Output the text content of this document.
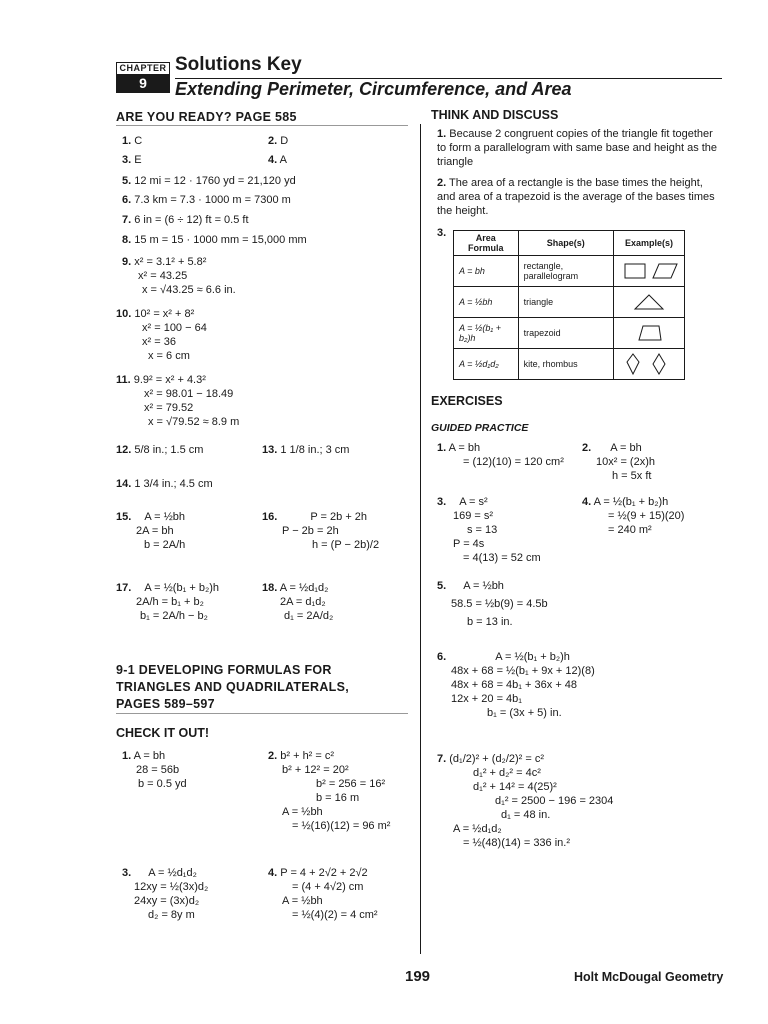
CHAPTER
9
Solutions Key
Extending Perimeter, Circumference, and Area
ARE YOU READY? PAGE 585
1. C	2. D
3. E	4. A
5. 12 mi = 12 · 1760 yd = 21,120 yd
6. 7.3 km = 7.3 · 1000 m = 7300 m
7. 6 in = (6 ÷ 12) ft = 0.5 ft
8. 15 m = 15 · 1000 mm = 15,000 mm
9. x² = 3.1² + 5.8²
x² = 43.25
x = √43.25 ≈ 6.6 in.
10. 10² = x² + 8²
x² = 100 − 64
x² = 36
x = 6 cm
11. 9.9² = x² + 4.3²
x² = 98.01 − 18.49
x² = 79.52
x = √79.52 ≈ 8.9 m
12. 5/8 in.; 1.5 cm	13. 1 1/8 in.; 3 cm
14. 1 3/4 in.; 4.5 cm
15. A = ½bh
2A = bh
b = 2A/h
16.	P = 2b + 2h
P − 2b = 2h
h = (P − 2b)/2
17. A = ½(b₁ + b₂)h
2A/h = b₁ + b₂
b₁ = 2A/h − b₂
18. A = ½d₁d₂
2A = d₁d₂
d₁ = 2A/d₂
9-1 DEVELOPING FORMULAS FOR
TRIANGLES AND QUADRILATERALS,
PAGES 589–597
CHECK IT OUT!
1. A = bh
28 = 56b
b = 0.5 yd
2. b² + h² = c²
b² + 12² = 20²
b² = 256 = 16²
b = 16 m
A = ½bh
= ½(16)(12) = 96 m²
3. A = ½d₁d₂
12xy = ½(3x)d₂
24xy = (3x)d₂
d₂ = 8y m
4. P = 4 + 2√2 + 2√2
= (4 + 4√2) cm
A = ½bh
= ½(4)(2) = 4 cm²
THINK AND DISCUSS
1. Because 2 congruent copies of the triangle fit together to form a parallelogram with same base and height as the triangle
2. The area of a rectangle is the base times the height, and area of a trapezoid is the average of the bases times the height.
3.	Area Formula	Shape(s)	Example(s)
A = bh	rectangle, parallelogram	
A = ½bh	triangle	
A = ½(b₁ + b₂)h	trapezoid	
A = ½d₁d₂	kite, rhombus	
EXERCISES
GUIDED PRACTICE
1. A = bh
= (12)(10) = 120 cm²
2. A = bh
10x² = (2x)h
h = 5x ft
3. A = s²
169 = s²
s = 13
P = 4s
= 4(13) = 52 cm
4. A = ½(b₁ + b₂)h
= ½(9 + 15)(20)
= 240 m²
5. A = ½bh
58.5 = ½b(9) = 4.5b
b = 13 in.
6.	A = ½(b₁ + b₂)h
48x + 68 = ½(b₁ + 9x + 12)(8)
48x + 68 = 4b₁ + 36x + 48
12x + 20 = 4b₁
b₁ = (3x + 5) in.
7. (d₁/2)² + (d₂/2)² = c²
d₁² + d₂² = 4c²
d₁² + 14² = 4(25)²
d₁² = 2500 − 196 = 2304
d₁ = 48 in.
A = ½d₁d₂
= ½(48)(14) = 336 in.²
199	Holt McDougal Geometry
